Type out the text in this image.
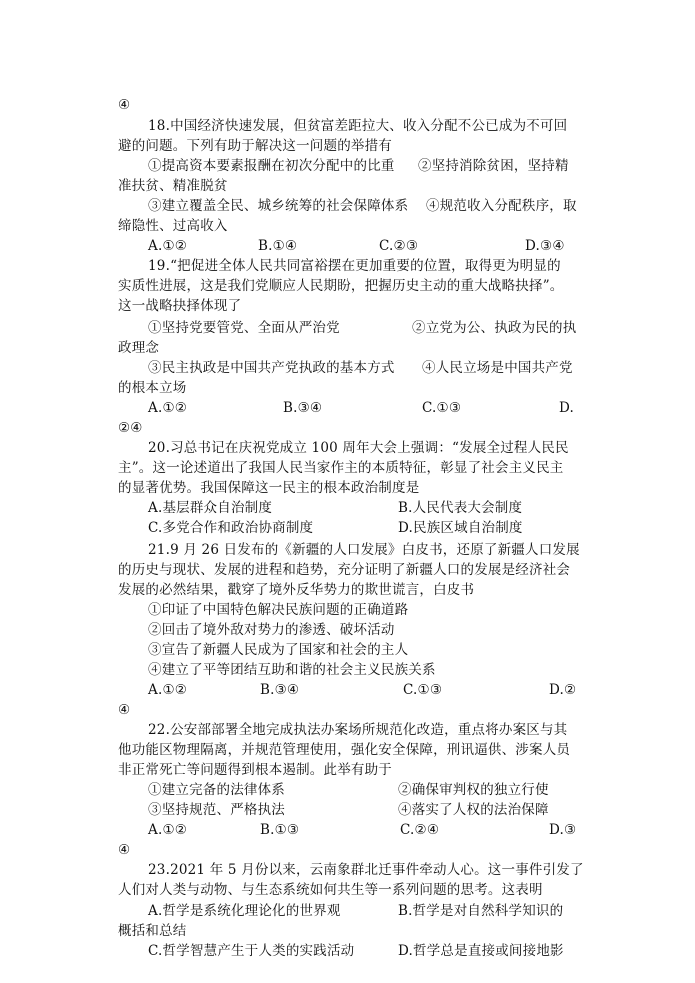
④
18.中国经济快速发展，但贫富差距拉大、收入分配不公已成为不可回
避的问题。下列有助于解决这一问题的举措有
①提高资本要素报酬在初次分配中的比重 ②坚持消除贫困，坚持精
准扶贫、精准脱贫
③建立覆盖全民、城乡统筹的社会保障体系 ④规范收入分配秩序，取
缔隐性、过高收入
A.①②	B.①④	C.②③	D.③④
19.“把促进全体人民共同富裕摆在更加重要的位置，取得更为明显的
实质性进展，这是我们党顺应人民期盼，把握历史主动的重大战略抉择”。
这一战略抉择体现了
①坚持党要管党、全面从严治党	②立党为公、执政为民的执
政理念
③民主执政是中国共产党执政的基本方式 ④人民立场是中国共产党
的根本立场
A.①②	B.③④	C.①③	D.
②④
20.习总书记在庆祝党成立 100 周年大会上强调：“发展全过程人民民
主”。这一论述道出了我国人民当家作主的本质特征，彰显了社会主义民主
的显著优势。我国保障这一民主的根本政治制度是
A.基层群众自治制度	B.人民代表大会制度
C.多党合作和政治协商制度	D.民族区域自治制度
21.9 月 26 日发布的《新疆的人口发展》白皮书，还原了新疆人口发展
的历史与现状、发展的进程和趋势，充分证明了新疆人口的发展是经济社会
发展的必然结果，戳穿了境外反华势力的欺世谎言，白皮书
①印证了中国特色解决民族问题的正确道路
②回击了境外敌对势力的渗透、破坏活动
③宣告了新疆人民成为了国家和社会的主人
④建立了平等团结互助和谐的社会主义民族关系
A.①②	B.③④	C.①③	D.②
④
22.公安部部署全地完成执法办案场所规范化改造，重点将办案区与其
他功能区物理隔离，并规范管理使用，强化安全保障，刑讯逼供、涉案人员
非正常死亡等问题得到根本遏制。此举有助于
①建立完备的法律体系	②确保审判权的独立行使
③坚持规范、严格执法	④落实了人权的法治保障
A.①②	B.①③	C.②④	D.③
④
23.2021 年 5 月份以来，云南象群北迁事件牵动人心。这一事件引发了
人们对人类与动物、与生态系统如何共生等一系列问题的思考。这表明
A.哲学是系统化理论化的世界观	B.哲学是对自然科学知识的
概括和总结
C.哲学智慧产生于人类的实践活动	D.哲学总是直接或间接地影
